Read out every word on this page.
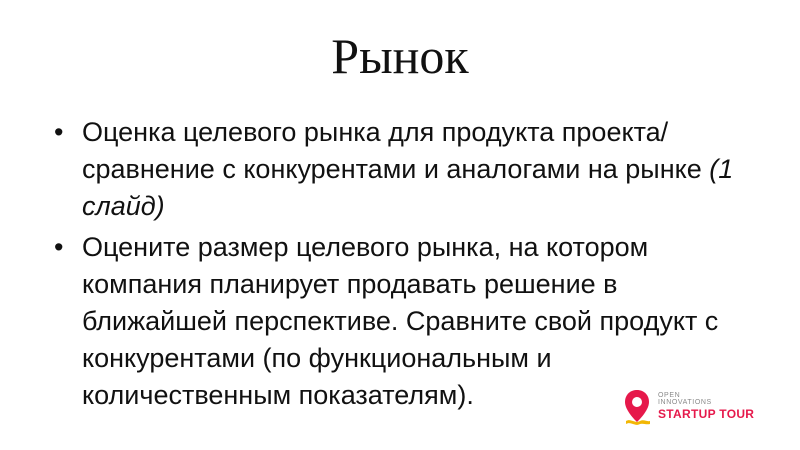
Рынок
• Оценка целевого рынка для продукта проекта/сравнение с конкурентами и аналогами на рынке (1 слайд)
• Оцените размер целевого рынка, на котором компания планирует продавать решение в ближайшей перспективе. Сравните свой продукт с конкурентами (по функциональным и количественным показателям).	OPEN
INNOVATIONS
STARTUP TOUR
